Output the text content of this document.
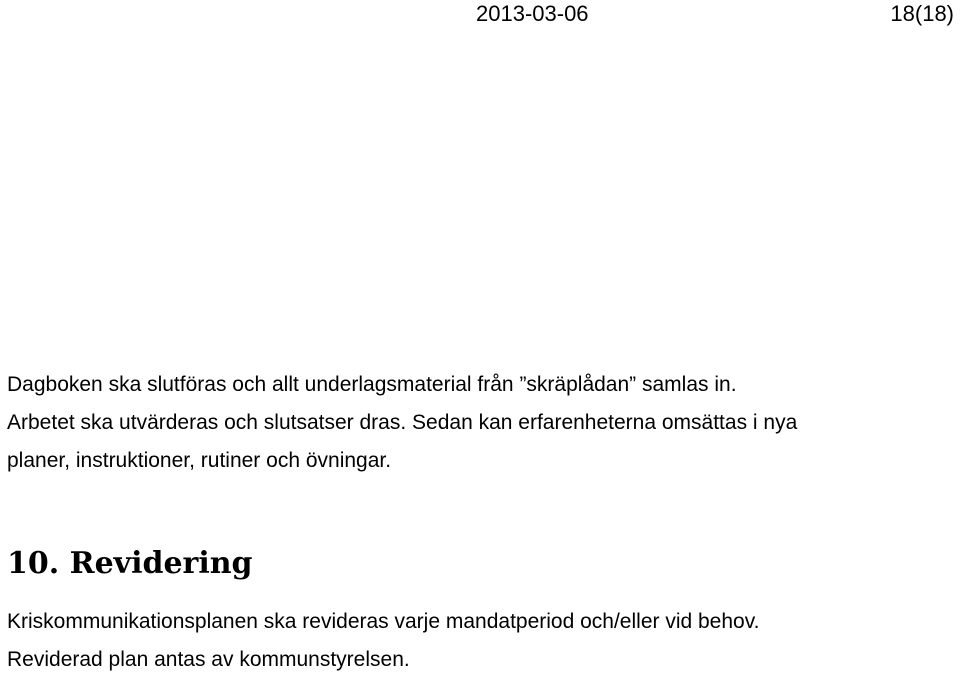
2013-03-06	18(18)

Dagboken ska slutföras och allt underlagsmaterial från ”skräplådan” samlas in.
Arbetet ska utvärderas och slutsatser dras. Sedan kan erfarenheterna omsättas i nya
planer, instruktioner, rutiner och övningar.

10. Revidering

Kriskommunikationsplanen ska revideras varje mandatperiod och/eller vid behov.
Reviderad plan antas av kommunstyrelsen.
